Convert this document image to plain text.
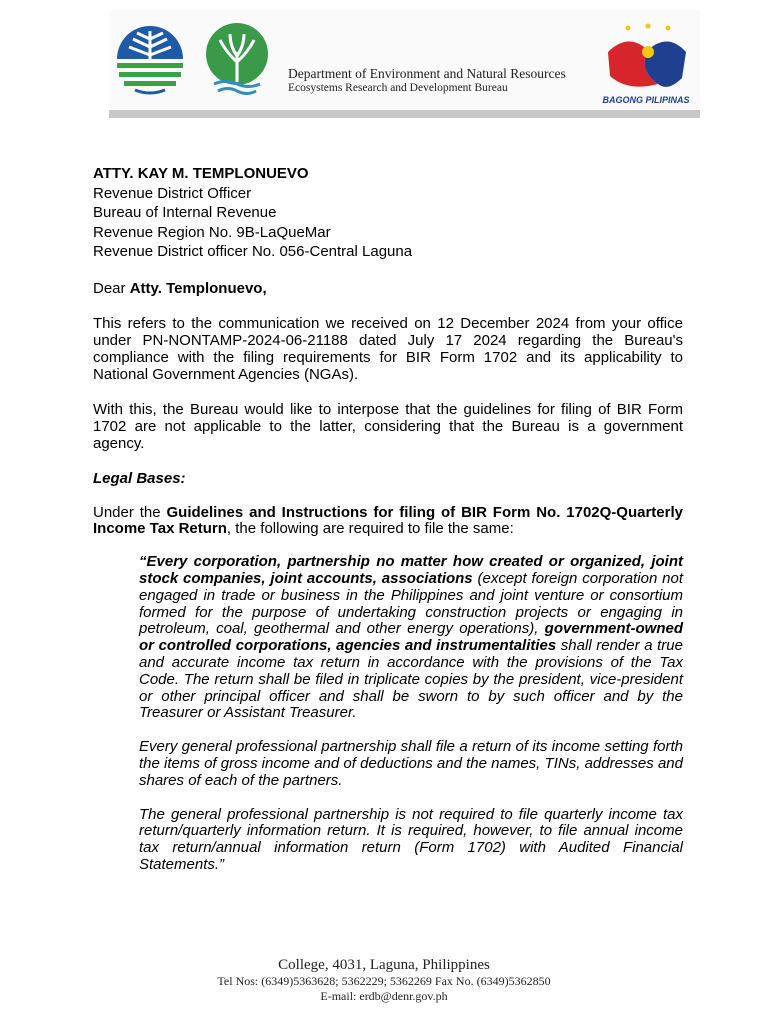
Department of Environment and Natural Resources
Ecosystems Research and Development Bureau
BAGONG PILIPINAS

ATTY. KAY M. TEMPLONUEVO

Revenue District Officer

Bureau of Internal Revenue

Revenue Region No. 9B-LaQueMar

Revenue District officer No. 056-Central Laguna

Dear Atty. Templonuevo,

This refers to the communication we received on 12 December 2024 from your office under PN-NONTAMP-2024-06-21188 dated July 17 2024 regarding the Bureau's compliance with the filing requirements for BIR Form 1702 and its applicability to National Government Agencies (NGAs).

With this, the Bureau would like to interpose that the guidelines for filing of BIR Form 1702 are not applicable to the latter, considering that the Bureau is a government agency.

Legal Bases:

Under the Guidelines and Instructions for filing of BIR Form No. 1702Q-Quarterly Income Tax Return, the following are required to file the same:

“Every corporation, partnership no matter how created or organized, joint stock companies, joint accounts, associations (except foreign corporation not engaged in trade or business in the Philippines and joint venture or consortium formed for the purpose of undertaking construction projects or engaging in petroleum, coal, geothermal and other energy operations), government-owned or controlled corporations, agencies and instrumentalities shall render a true and accurate income tax return in accordance with the provisions of the Tax Code. The return shall be filed in triplicate copies by the president, vice-president or other principal officer and shall be sworn to by such officer and by the Treasurer or Assistant Treasurer.

Every general professional partnership shall file a return of its income setting forth the items of gross income and of deductions and the names, TINs, addresses and shares of each of the partners.

The general professional partnership is not required to file quarterly income tax return/quarterly information return. It is required, however, to file annual income tax return/annual information return (Form 1702) with Audited Financial Statements.”

College, 4031, Laguna, Philippines
Tel Nos: (6349)5363628; 5362229; 5362269 Fax No. (6349)5362850
E-mail: erdb@denr.gov.ph
